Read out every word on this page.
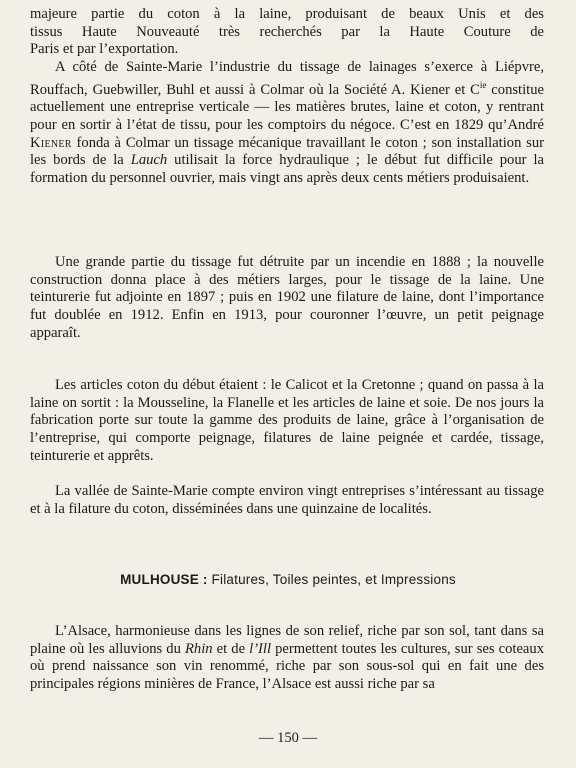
majeure partie du coton à la laine, produisant de beaux Unis et des
tissus Haute Nouveauté très recherchés par la Haute Couture de
Paris et par l’exportation.

A côté de Sainte-Marie l’industrie du tissage de lainages s’exerce à Liépvre, Rouffach, Guebwiller, Buhl et aussi à Colmar où la Société A. Kiener et $C^{ie}$ constitue actuellement une entreprise verticale — les matières brutes, laine et coton, y rentrant pour en sortir à l’état de tissu, pour les comptoirs du négoce. C’est en 1829 qu’André Kiener fonda à Colmar un tissage mécanique travaillant le coton ; son installation sur les bords de la Lauch utilisait la force hydraulique ; le début fut difficile pour la formation du personnel ouvrier, mais vingt ans après deux cents métiers produisaient.

Une grande partie du tissage fut détruite par un incendie en 1888 ; la nouvelle construction donna place à des métiers larges, pour le tissage de la laine. Une teinturerie fut adjointe en 1897 ; puis en 1902 une filature de laine, dont l’importance fut doublée en 1912. Enfin en 1913, pour couronner l’œuvre, un petit peignage apparaît.

Les articles coton du début étaient : le Calicot et la Cretonne ; quand on passa à la laine on sortit : la Mousseline, la Flanelle et les articles de laine et soie. De nos jours la fabrication porte sur toute la gamme des produits de laine, grâce à l’organisation de l’entreprise, qui comporte peignage, filatures de laine peignée et cardée, tissage, teinturerie et apprêts.

La vallée de Sainte-Marie compte environ vingt entreprises s’intéressant au tissage et à la filature du coton, disséminées dans une quinzaine de localités.

MULHOUSE : Filatures, Toiles peintes, et Impressions

L’Alsace, harmonieuse dans les lignes de son relief, riche par son sol, tant dans sa plaine où les alluvions du Rhin et de l’Ill permettent toutes les cultures, sur ses coteaux où prend naissance son vin renommé, riche par son sous-sol qui en fait une des principales régions minières de France, l’Alsace est aussi riche par sa

— 150 —
